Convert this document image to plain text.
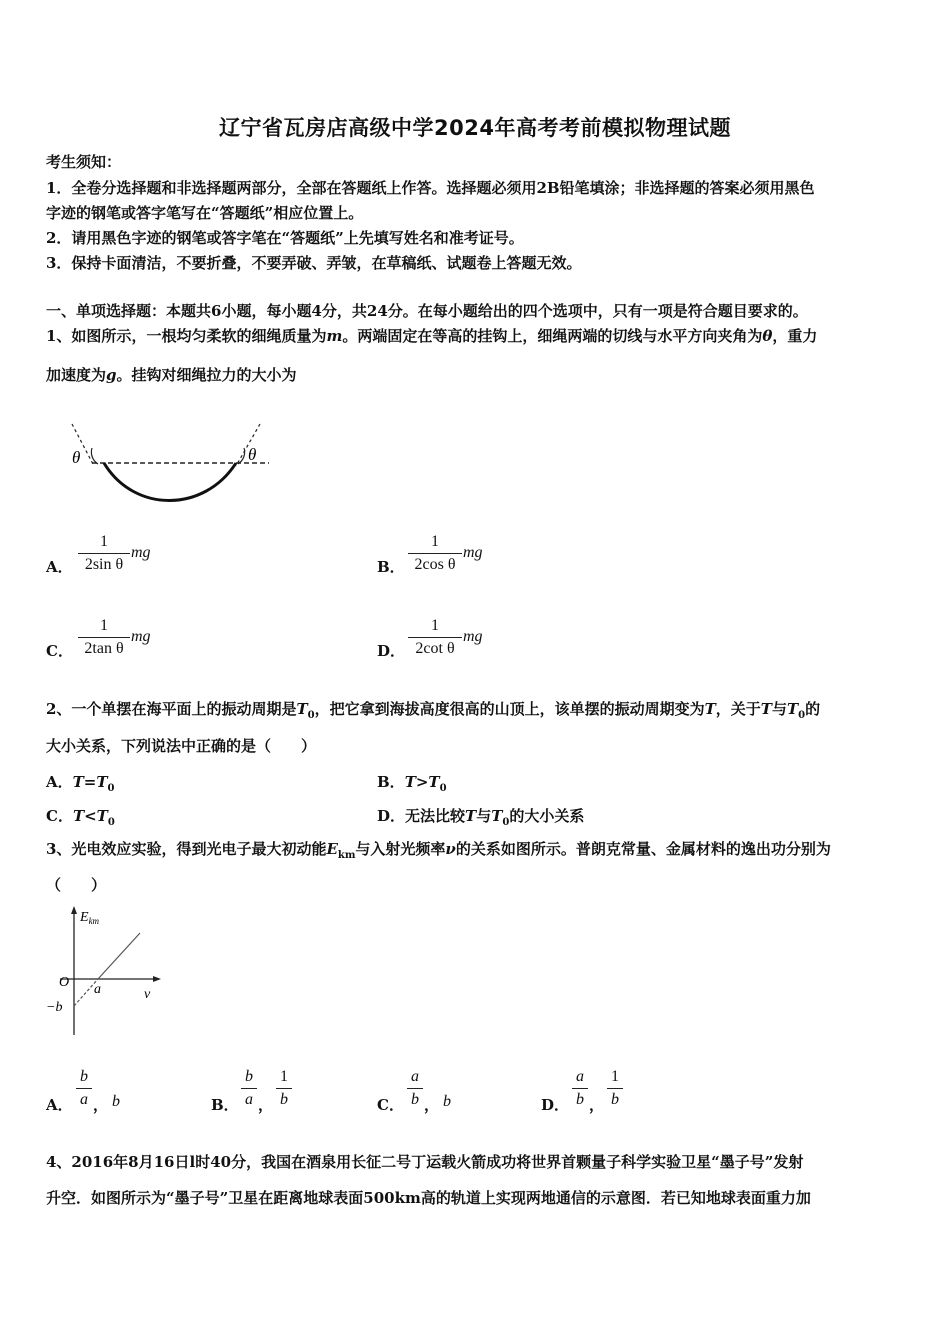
辽宁省瓦房店高级中学2024年高考考前模拟物理试题
考生须知：
1．全卷分选择题和非选择题两部分，全部在答题纸上作答。选择题必须用2B铅笔填涂；非选择题的答案必须用黑色
字迹的钢笔或答字笔写在“答题纸”相应位置上。
2．请用黑色字迹的钢笔或答字笔在“答题纸”上先填写姓名和准考证号。
3．保持卡面清洁，不要折叠，不要弄破、弄皱，在草稿纸、试题卷上答题无效。
一、单项选择题：本题共6小题，每小题4分，共24分。在每小题给出的四个选项中，只有一项是符合题目要求的。
1、如图所示，一根均匀柔软的细绳质量为m。两端固定在等高的挂钩上，细绳两端的切线与水平方向夹角为θ，重力
加速度为g。挂钩对细绳拉力的大小为
θ	θ
A．
1
2sin θ
mg
B．
1
2cos θ
mg
C．
1
2tan θ
mg
D．
1
2cot θ
mg
2、一个单摆在海平面上的振动周期是$T_0$，把它拿到海拔高度很高的山顶上，该单摆的振动周期变为T，关于T与$T_0$的
大小关系，下列说法中正确的是（　　）
A．$T=T_0$	B．$T>T_0$
C．$T<T_0$	D．无法比较T与$T_0$的大小关系
3、光电效应实验，得到光电子最大初动能$E_{km}$与入射光频率ν的关系如图所示。普朗克常量、金属材料的逸出功分别为
（　　）
$E_{km}$
O
ν
a
−b
A．
b
a ， b	B．
b
a ，
1
b	C．
a
b ， b	D．
a
b ，
1
b
4、2016年8月16日l时40分，我国在酒泉用长征二号丁运载火箭成功将世界首颗量子科学实验卫星“墨子号”发射
升空．如图所示为“墨子号”卫星在距离地球表面500km高的轨道上实现两地通信的示意图．若已知地球表面重力加
